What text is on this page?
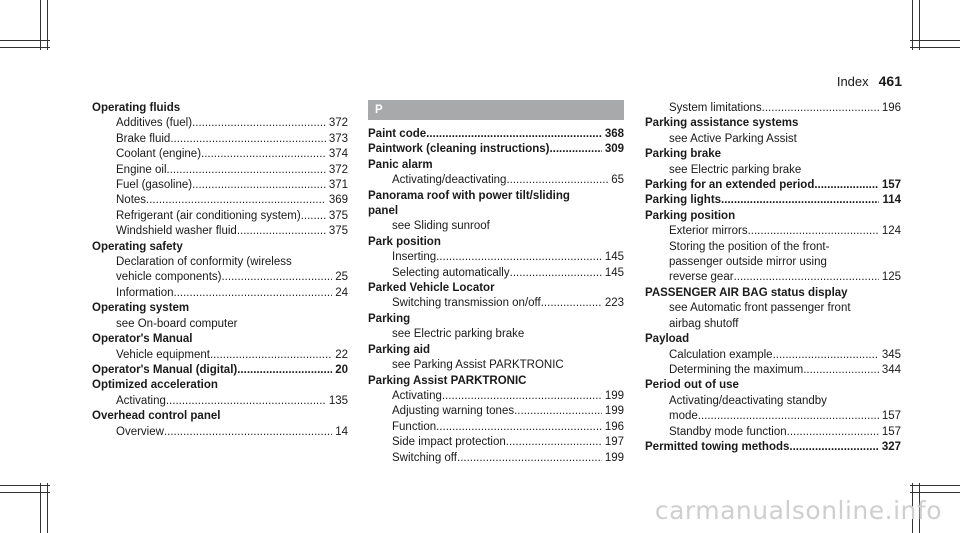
Index 461
Operating fluids
Additives (fuel) .....	372
Brake fluid .....	373
Coolant (engine) .....	374
Engine oil .....	372
Fuel (gasoline) .....	371
Notes .....	369
Refrigerant (air conditioning system) ..... 375
Windshield washer fluid .....	375
Operating safety
Declaration of conformity (wireless
vehicle components) .....	25
Information .....	24
Operating system
see On-board computer
Operator's Manual
Vehicle equipment .....	22
Operator's Manual (digital) .....	20
Optimized acceleration
Activating .....	135
Overhead control panel
Overview .....	14
P
Paint code .....	368
Paintwork (cleaning instructions) .....	309
Panic alarm
Activating/deactivating .....	65
Panorama roof with power tilt/sliding
panel
see Sliding sunroof
Park position
Inserting .....	145
Selecting automatically .....	145
Parked Vehicle Locator
Switching transmission on/off .....	223
Parking
see Electric parking brake
Parking aid
see Parking Assist PARKTRONIC
Parking Assist PARKTRONIC
Activating .....	199
Adjusting warning tones .....	199
Function .....	196
Side impact protection .....	197
Switching off .....	199
System limitations .....	196
Parking assistance systems
see Active Parking Assist
Parking brake
see Electric parking brake
Parking for an extended period .....	157
Parking lights .....	114
Parking position
Exterior mirrors .....	124
Storing the position of the front-
passenger outside mirror using
reverse gear .....	125
PASSENGER AIR BAG status display
see Automatic front passenger front
airbag shutoff
Payload
Calculation example .....	345
Determining the maximum .....	344
Period out of use
Activating/deactivating standby
mode .....	157
Standby mode function .....	157
Permitted towing methods .....	327
carmanualsonline.info
